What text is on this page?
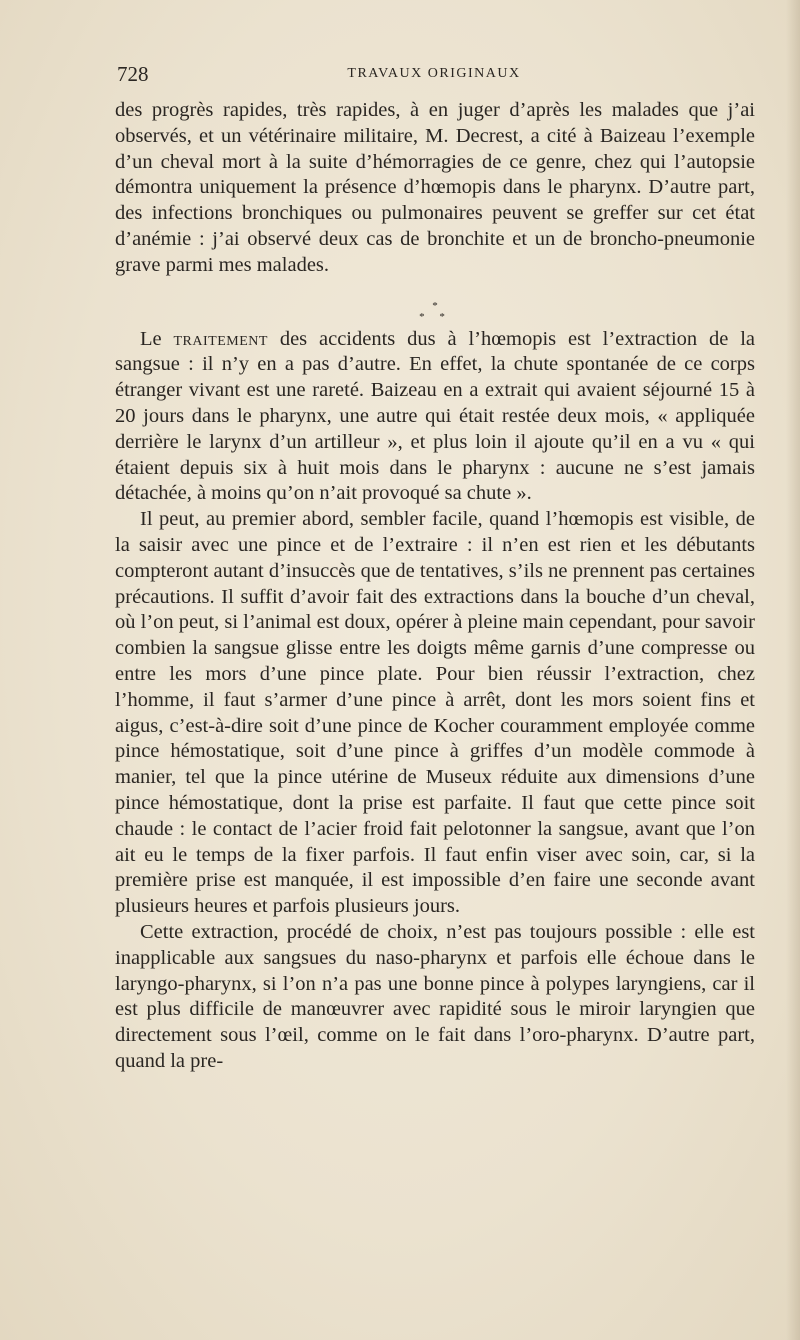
728	TRAVAUX ORIGINAUX

des progrès rapides, très rapides, à en juger d’après les malades que j’ai observés, et un vétérinaire militaire, M. Decrest, a cité à Baizeau l’exemple d’un cheval mort à la suite d’hémorragies de ce genre, chez qui l’autopsie démontra uniquement la présence d’hœmopis dans le pharynx. D’autre part, des infections bronchiques ou pulmonaires peuvent se greffer sur cet état d’anémie : j’ai observé deux cas de bronchite et un de broncho-pneumonie grave parmi mes malades.

*
* *

Le traitement des accidents dus à l’hœmopis est l’extraction de la sangsue : il n’y en a pas d’autre. En effet, la chute spontanée de ce corps étranger vivant est une rareté. Baizeau en a extrait qui avaient séjourné 15 à 20 jours dans le pharynx, une autre qui était restée deux mois, « appliquée derrière le larynx d’un artilleur », et plus loin il ajoute qu’il en a vu « qui étaient depuis six à huit mois dans le pharynx : aucune ne s’est jamais détachée, à moins qu’on n’ait provoqué sa chute ».

Il peut, au premier abord, sembler facile, quand l’hœmopis est visible, de la saisir avec une pince et de l’extraire : il n’en est rien et les débutants compteront autant d’insuccès que de tentatives, s’ils ne prennent pas certaines précautions. Il suffit d’avoir fait des extractions dans la bouche d’un cheval, où l’on peut, si l’animal est doux, opérer à pleine main cependant, pour savoir combien la sangsue glisse entre les doigts même garnis d’une compresse ou entre les mors d’une pince plate. Pour bien réussir l’extraction, chez l’homme, il faut s’armer d’une pince à arrêt, dont les mors soient fins et aigus, c’est-à-dire soit d’une pince de Kocher couramment employée comme pince hémostatique, soit d’une pince à griffes d’un modèle commode à manier, tel que la pince utérine de Museux réduite aux dimensions d’une pince hémostatique, dont la prise est parfaite. Il faut que cette pince soit chaude : le contact de l’acier froid fait pelotonner la sangsue, avant que l’on ait eu le temps de la fixer parfois. Il faut enfin viser avec soin, car, si la première prise est manquée, il est impossible d’en faire une seconde avant plusieurs heures et parfois plusieurs jours.

Cette extraction, procédé de choix, n’est pas toujours possible : elle est inapplicable aux sangsues du naso-pharynx et parfois elle échoue dans le laryngo-pharynx, si l’on n’a pas une bonne pince à polypes laryngiens, car il est plus difficile de manœuvrer avec rapidité sous le miroir laryngien que directement sous l’œil, comme on le fait dans l’oro-pharynx. D’autre part, quand la pre-
